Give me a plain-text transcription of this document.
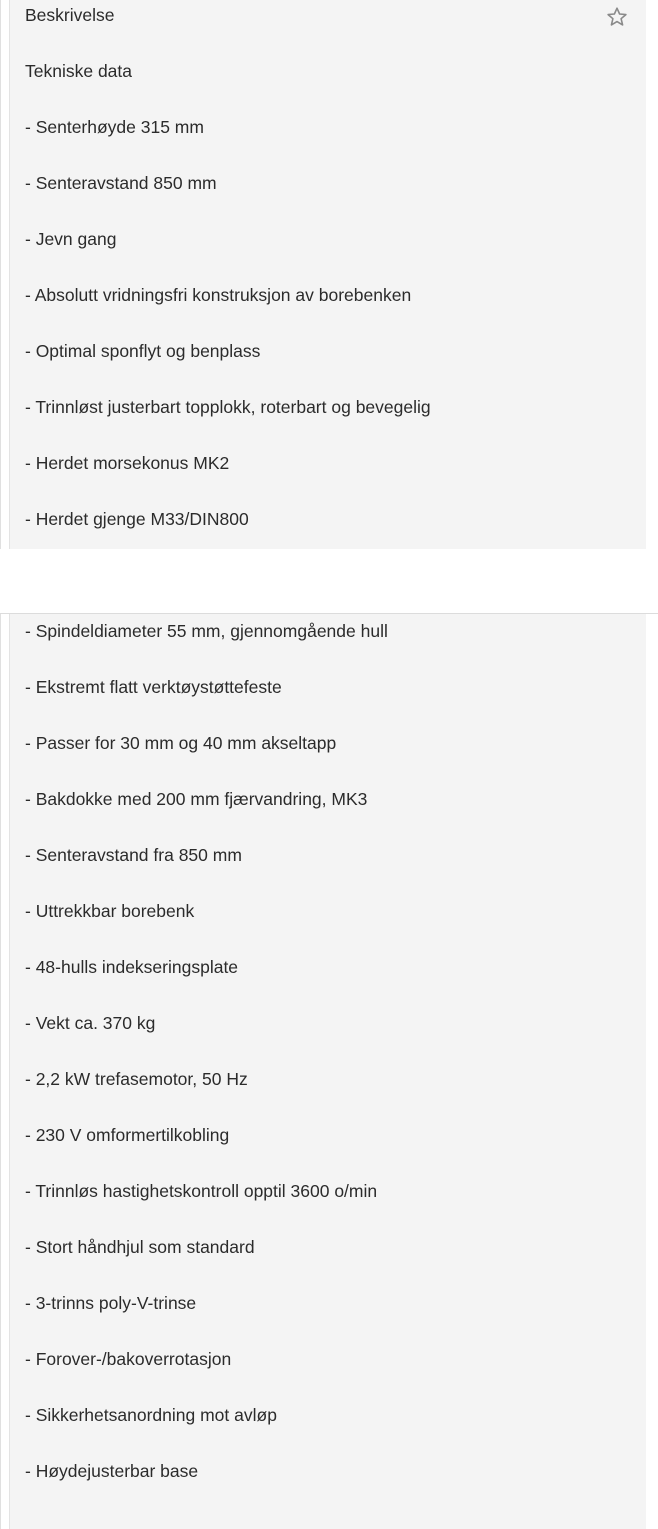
Beskrivelse
Tekniske data
- Senterhøyde 315 mm
- Senteravstand 850 mm
- Jevn gang
- Absolutt vridningsfri konstruksjon av borebenken
- Optimal sponflyt og benplass
- Trinnløst justerbart topplokk, roterbart og bevegelig
- Herdet morsekonus MK2
- Herdet gjenge M33/DIN800
- Spindeldiameter 55 mm, gjennomgående hull
- Ekstremt flatt verktøystøttefeste
- Passer for 30 mm og 40 mm akseltapp
- Bakdokke med 200 mm fjærvandring, MK3
- Senteravstand fra 850 mm
- Uttrekkbar borebenk
- 48-hulls indekseringsplate
- Vekt ca. 370 kg
- 2,2 kW trefasemotor, 50 Hz
- 230 V omformertilkobling
- Trinnløs hastighetskontroll opptil 3600 o/min
- Stort håndhjul som standard
- 3-trinns poly-V-trinse
- Forover-/bakoverrotasjon
- Sikkerhetsanordning mot avløp
- Høydejusterbar base
